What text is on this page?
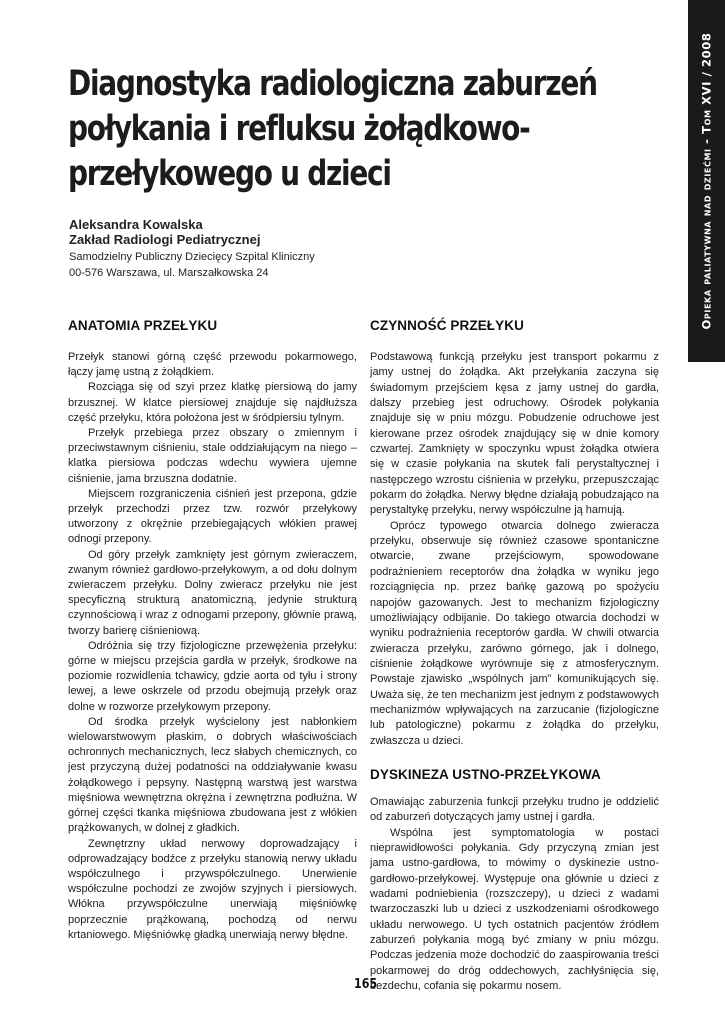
Opieka paliatywna nad dziećmi - Tom XVI / 2008
Diagnostyka radiologiczna zaburzeń połykania i refluksu żołądkowo-przełykowego u dzieci
Aleksandra Kowalska
Zakład Radiologi Pediatrycznej
Samodzielny Publiczny Dziecięcy Szpital Kliniczny
00-576 Warszawa, ul. Marszałkowska 24
ANATOMIA PRZEŁYKU

Przełyk stanowi górną część przewodu pokarmowego, łączy jamę ustną z żołądkiem.

Rozciąga się od szyi przez klatkę piersiową do jamy brzusznej. W klatce piersiowej znajduje się najdłuższa część przełyku, która położona jest w śródpiersiu tylnym.

Przełyk przebiega przez obszary o zmiennym i przeciwstawnym ciśnieniu, stale oddziałującym na niego – klatka piersiowa podczas wdechu wywiera ujemne ciśnienie, jama brzuszna dodatnie.

Miejscem rozgraniczenia ciśnień jest przepona, gdzie przełyk przechodzi przez tzw. rozwór przełykowy utworzony z okrężnie przebiegających włókien prawej odnogi przepony.

Od góry przełyk zamknięty jest górnym zwieraczem, zwanym również gardłowo-przełykowym, a od dołu dolnym zwieraczem przełyku. Dolny zwieracz przełyku nie jest specyficzną strukturą anatomiczną, jedynie strukturą czynnościową i wraz z odnogami przepony, głównie prawą, tworzy barierę ciśnieniową.

Odróżnia się trzy fizjologiczne przewężenia przełyku: górne w miejscu przejścia gardła w przełyk, środkowe na poziomie rozwidlenia tchawicy, gdzie aorta od tyłu i strony lewej, a lewe oskrzele od przodu obejmują przełyk oraz dolne w rozworze przełykowym przepony.

Od środka przełyk wyścielony jest nabłonkiem wielowarstwowym płaskim, o dobrych właściwościach ochronnych mechanicznych, lecz słabych chemicznych, co jest przyczyną dużej podatności na oddziaływanie kwasu żołądkowego i pepsyny. Następną warstwą jest warstwa mięśniowa wewnętrzna okrężna i zewnętrzna podłużna. W górnej części tkanka mięśniowa zbudowana jest z włókien prążkowanych, w dolnej z gładkich.

Zewnętrzny układ nerwowy doprowadzający i odprowadzający bodźce z przełyku stanowią nerwy układu współczulnego i przywspółczulnego. Unerwienie współczulne pochodzi ze zwojów szyjnych i piersiowych. Włókna przywspółczulne unerwiają mięśniówkę poprzecznie prążkowaną, pochodzą od nerwu krtaniowego. Mięśniówkę gładką unerwiają nerwy błędne.

CZYNNOŚĆ PRZEŁYKU

Podstawową funkcją przełyku jest transport pokarmu z jamy ustnej do żołądka. Akt przełykania zaczyna się świadomym przejściem kęsa z jamy ustnej do gardła, dalszy przebieg jest odruchowy. Ośrodek połykania znajduje się w pniu mózgu. Pobudzenie odruchowe jest kierowane przez ośrodek znajdujący się w dnie komory czwartej. Zamknięty w spoczynku wpust żołądka otwiera się w czasie połykania na skutek fali perystaltycznej i następczego wzrostu ciśnienia w przełyku, przepuszczając pokarm do żołądka. Nerwy błędne działają pobudzająco na perystaltykę przełyku, nerwy współczulne ją hamują.

Oprócz typowego otwarcia dolnego zwieracza przełyku, obserwuje się również czasowe spontaniczne otwarcie, zwane przejściowym, spowodowane podrażnieniem receptorów dna żołądka w wyniku jego rozciągnięcia np. przez bańkę gazową po spożyciu napojów gazowanych. Jest to mechanizm fizjologiczny umożliwiający odbijanie. Do takiego otwarcia dochodzi w wyniku podrażnienia receptorów gardła. W chwili otwarcia zwieracza przełyku, zarówno górnego, jak i dolnego, ciśnienie żołądkowe wyrównuje się z atmosferycznym. Powstaje zjawisko „wspólnych jam” komunikujących się. Uważa się, że ten mechanizm jest jednym z podstawowych mechanizmów wpływających na zarzucanie (fizjologiczne lub patologiczne) pokarmu z żołądka do przełyku, zwłaszcza u dzieci.

DYSKINEZA USTNO-PRZEŁYKOWA

Omawiając zaburzenia funkcji przełyku trudno je oddzielić od zaburzeń dotyczących jamy ustnej i gardła.

Wspólna jest symptomatologia w postaci nieprawidłowości połykania. Gdy przyczyną zmian jest jama ustno-gardłowa, to mówimy o dyskinezie ustno-gardłowo-przełykowej. Występuje ona głównie u dzieci z wadami podniebienia (rozszczepy), u dzieci z wadami twarzoczaszki lub u dzieci z uszkodzeniami ośrodkowego układu nerwowego. U tych ostatnich pacjentów źródłem zaburzeń połykania mogą być zmiany w pniu mózgu. Podczas jedzenia może dochodzić do zaaspirowania treści pokarmowej do dróg oddechowych, zachłyśnięcia się, bezdechu, cofania się pokarmu nosem.

165
